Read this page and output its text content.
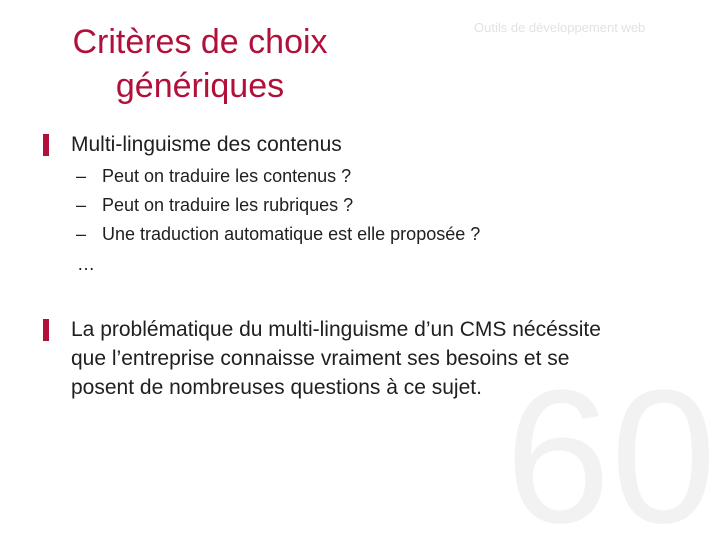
60
Critères de choix
génériques
Outils de développement web
Multi-linguisme des contenus
– Peut on traduire les contenus ?
– Peut on traduire les rubriques ?
– Une traduction automatique est elle proposée ?
…
La problématique du multi-linguisme d’un CMS nécéssite
que l’entreprise connaisse vraiment ses besoins et se
posent de nombreuses questions à ce sujet.
